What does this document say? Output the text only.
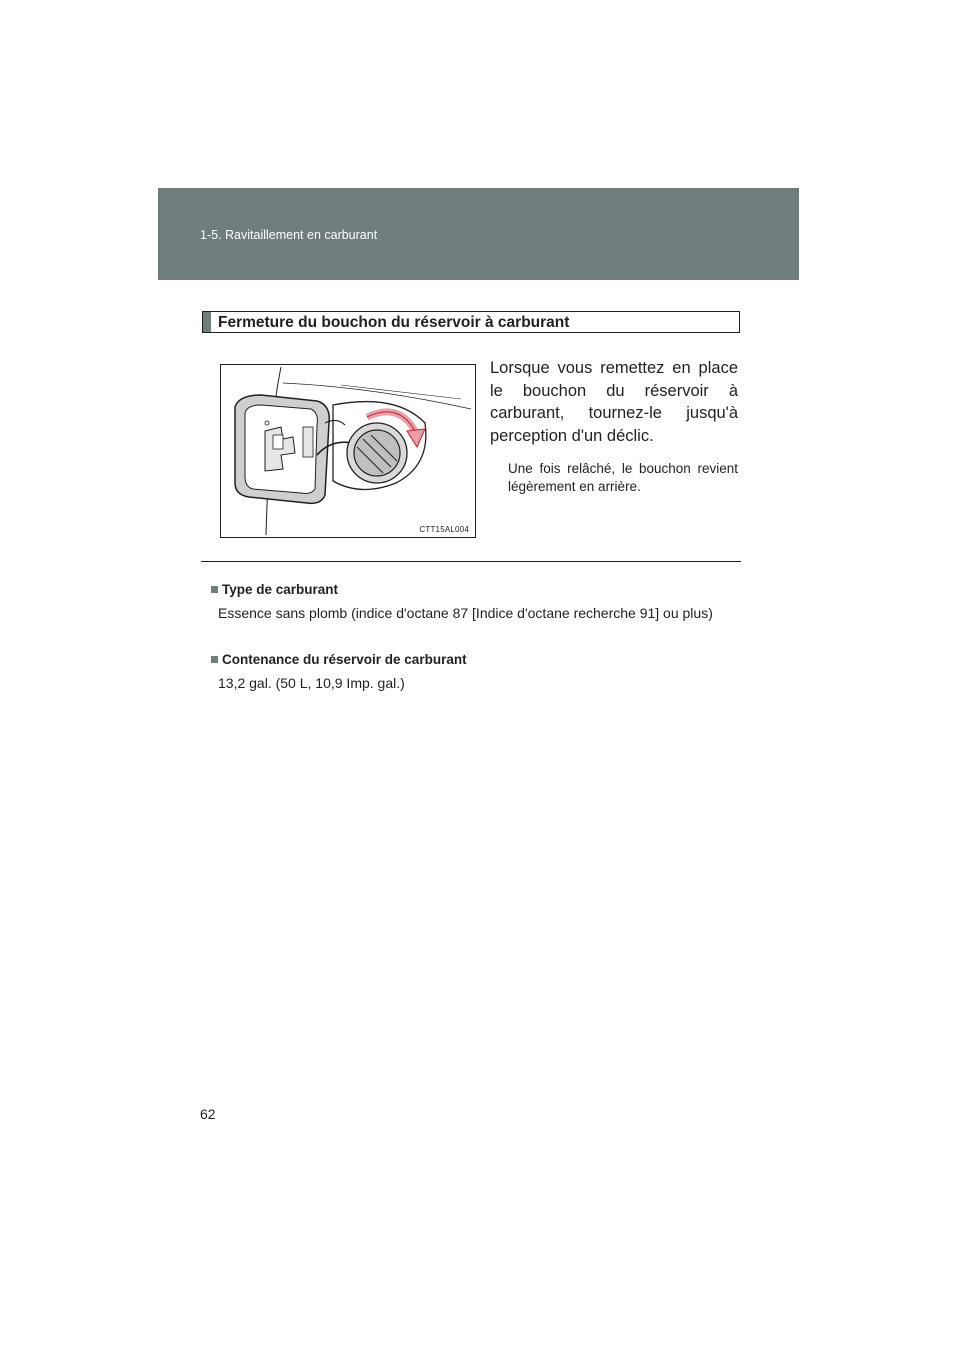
1-5. Ravitaillement en carburant
Fermeture du bouchon du réservoir à carburant
CTT15AL004
Lorsque vous remettez en place le bouchon du réservoir à carburant, tournez-le jusqu'à perception d'un déclic.
Une fois relâché, le bouchon revient légèrement en arrière.
Type de carburant
Essence sans plomb (indice d'octane 87 [Indice d'octane recherche 91] ou plus)
Contenance du réservoir de carburant
13,2 gal. (50 L, 10,9 Imp. gal.)
62
